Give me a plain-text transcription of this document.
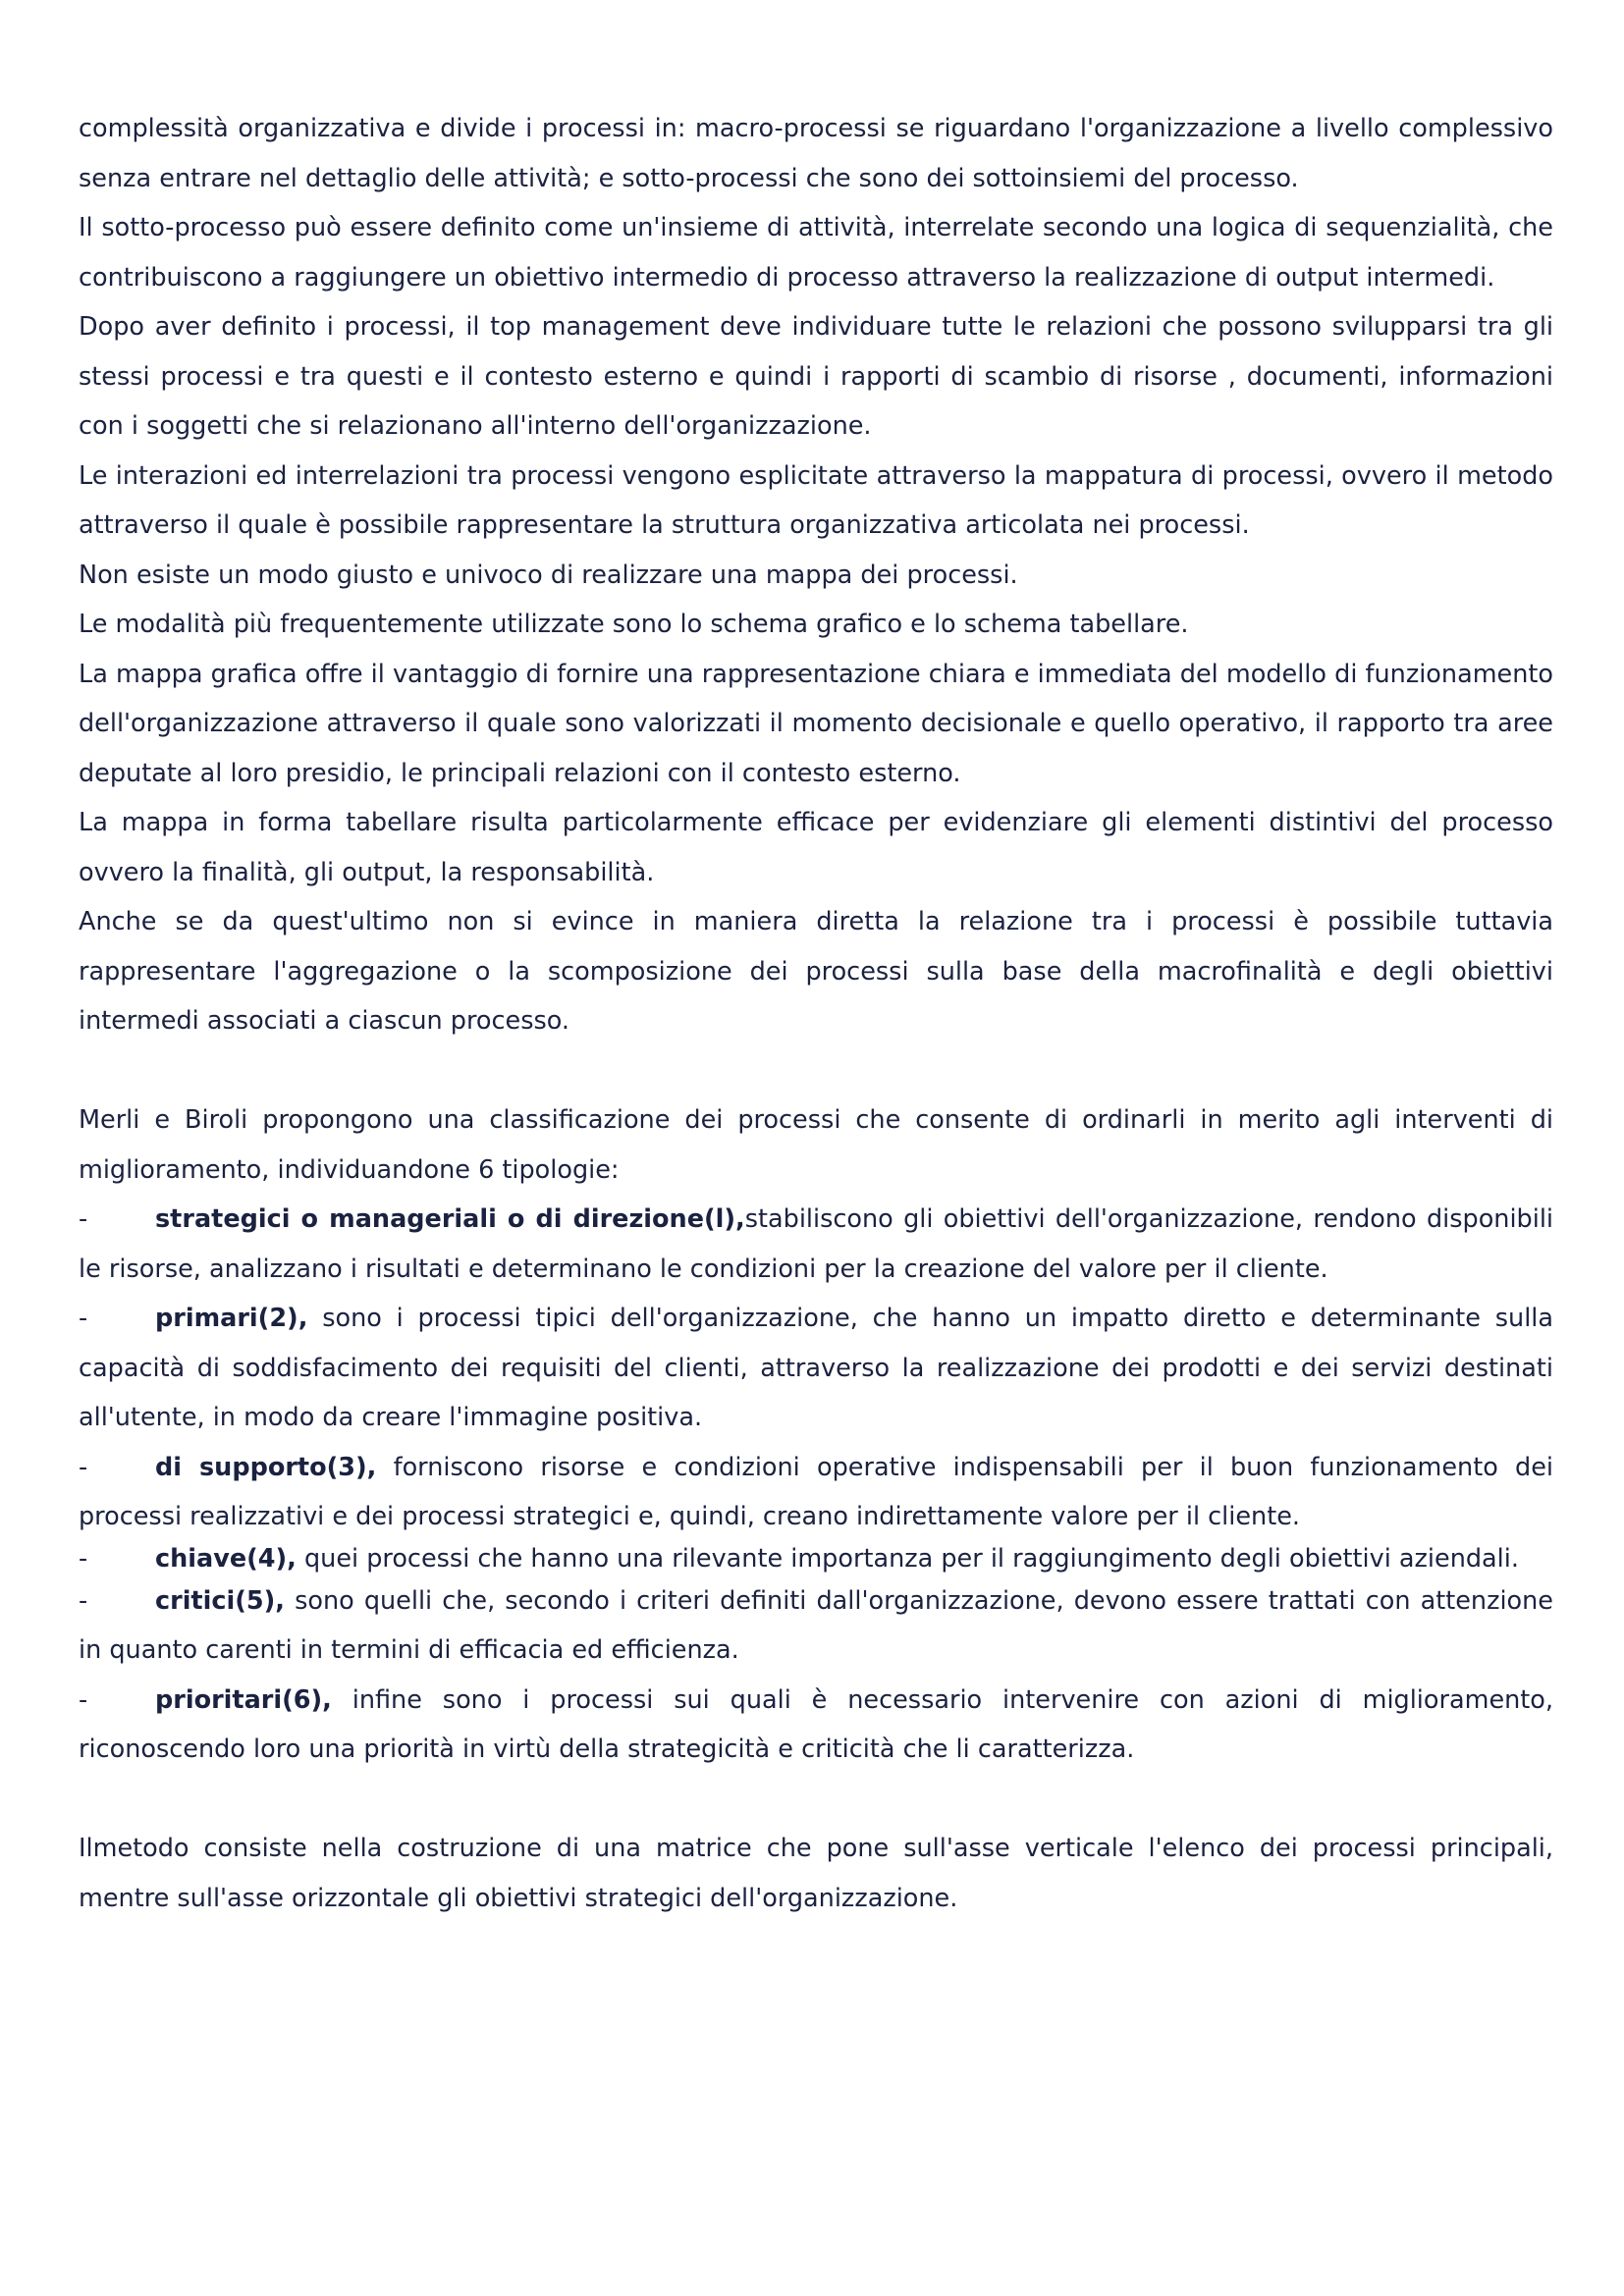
complessità organizzativa e divide i processi in: macro-processi se riguardano l'organizzazione a livello complessivo senza entrare nel dettaglio delle attività; e sotto-processi che sono dei sottoinsiemi del processo.

Il sotto-processo può essere definito come un'insieme di attività, interrelate secondo una logica di sequenzialità, che contribuiscono a raggiungere un obiettivo intermedio di processo attraverso la realizzazione di output intermedi.

Dopo aver definito i processi, il top management deve individuare tutte le relazioni che possono svilupparsi tra gli stessi processi e tra questi e il contesto esterno e quindi i rapporti di scambio di risorse , documenti, informazioni con i soggetti che si relazionano all'interno dell'organizzazione.

Le interazioni ed interrelazioni tra processi vengono esplicitate attraverso la mappatura di processi, ovvero il metodo attraverso il quale è possibile rappresentare la struttura organizzativa articolata nei processi.

Non esiste un modo giusto e univoco di realizzare una mappa dei processi.

Le modalità più frequentemente utilizzate sono lo schema grafico e lo schema tabellare.

La mappa grafica offre il vantaggio di fornire una rappresentazione chiara e immediata del modello di funzionamento dell'organizzazione attraverso il quale sono valorizzati il momento decisionale e quello operativo, il rapporto tra aree deputate al loro presidio, le principali relazioni con il contesto esterno.

La mappa in forma tabellare risulta particolarmente efficace per evidenziare gli elementi distintivi del processo ovvero la finalità, gli output, la responsabilità.

Anche se da quest'ultimo non si evince in maniera diretta la relazione tra i processi è possibile tuttavia rappresentare l'aggregazione o la scomposizione dei processi sulla base della macrofinalità e degli obiettivi intermedi associati a ciascun processo.

Merli e Biroli propongono una classificazione dei processi che consente di ordinarli in merito agli interventi di miglioramento, individuandone 6 tipologie:

-	strategici o manageriali o di direzione(l),stabiliscono gli obiettivi dell'organizzazione, rendono disponibili le risorse, analizzano i risultati e determinano le condizioni per la creazione del valore per il cliente.

-	primari(2), sono i processi tipici dell'organizzazione, che hanno un impatto diretto e determinante sulla capacità di soddisfacimento dei requisiti del clienti, attraverso la realizzazione dei prodotti e dei servizi destinati all'utente, in modo da creare l'immagine positiva.

-	di supporto(3), forniscono risorse e condizioni operative indispensabili per il buon funzionamento dei processi realizzativi e dei processi strategici e, quindi, creano indirettamente valore per il cliente.

-	chiave(4), quei processi che hanno una rilevante importanza per il raggiungimento degli obiettivi aziendali.

-	critici(5), sono quelli che, secondo i criteri definiti dall'organizzazione, devono essere trattati con attenzione in quanto carenti in termini di efficacia ed efficienza.

-	prioritari(6), infine sono i processi sui quali è necessario intervenire con azioni di miglioramento, riconoscendo loro una priorità in virtù della strategicità e criticità che li caratterizza.

Ilmetodo consiste nella costruzione di una matrice che pone sull'asse verticale l'elenco dei processi principali, mentre sull'asse orizzontale gli obiettivi strategici dell'organizzazione.
